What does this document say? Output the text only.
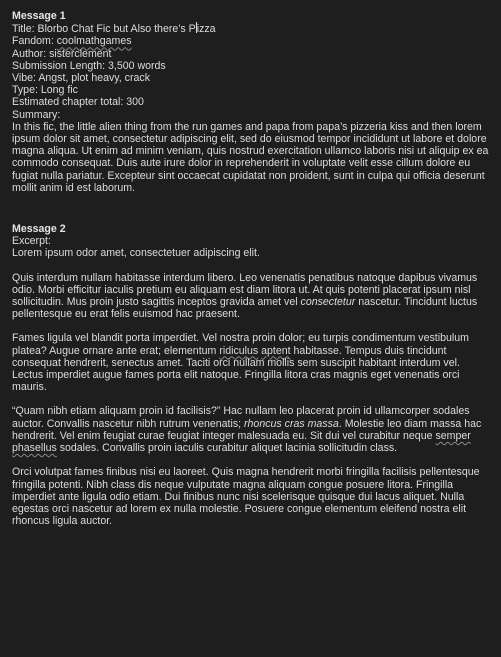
Message 1
Title: Blorbo Chat Fic but Also there’s Pizza
Fandom: coolmathgames
Author: sisterclement
Submission Length: 3,500 words
Vibe: Angst, plot heavy, crack
Type: Long fic
Estimated chapter total: 300
Summary:

In this fic, the little alien thing from the run games and papa from papa’s pizzeria kiss and then lorem ipsum dolor sit amet, consectetur adipiscing elit, sed do eiusmod tempor incididunt ut labore et dolore magna aliqua. Ut enim ad minim veniam, quis nostrud exercitation ullamco laboris nisi ut aliquip ex ea commodo consequat. Duis aute irure dolor in reprehenderit in voluptate velit esse cillum dolore eu fugiat nulla pariatur. Excepteur sint occaecat cupidatat non proident, sunt in culpa qui officia deserunt mollit anim id est laborum.

Message 2
Excerpt:
Lorem ipsum odor amet, consectetuer adipiscing elit.

Quis interdum nullam habitasse interdum libero. Leo venenatis penatibus natoque dapibus vivamus odio. Morbi efficitur iaculis pretium eu aliquam est diam litora ut. At quis potenti placerat ipsum nisl sollicitudin. Mus proin justo sagittis inceptos gravida amet vel consectetur nascetur. Tincidunt luctus pellentesque eu erat felis euismod hac praesent.

Fames ligula vel blandit porta imperdiet. Vel nostra proin dolor; eu turpis condimentum vestibulum platea? Augue ornare ante erat; elementum ridiculus aptent habitasse. Tempus duis tincidunt consequat hendrerit, senectus amet. Taciti orci nullam mollis sem suscipit habitant interdum vel. Lectus imperdiet augue fames porta elit natoque. Fringilla litora cras magnis eget venenatis orci mauris.

“Quam nibh etiam aliquam proin id facilisis?” Hac nullam leo placerat proin id ullamcorper sodales auctor. Convallis nascetur nibh rutrum venenatis; rhoncus cras massa. Molestie leo diam massa hac hendrerit. Vel enim feugiat curae feugiat integer malesuada eu. Sit dui vel curabitur neque semper phasellus sodales. Convallis proin iaculis curabitur aliquet lacinia sollicitudin class.

Orci volutpat fames finibus nisi eu laoreet. Quis magna hendrerit morbi fringilla facilisis pellentesque fringilla potenti. Nibh class dis neque vulputate magna aliquam congue posuere litora. Fringilla imperdiet ante ligula odio etiam. Dui finibus nunc nisi scelerisque quisque dui lacus aliquet. Nulla egestas orci nascetur ad lorem ex nulla molestie. Posuere congue elementum eleifend nostra elit rhoncus ligula auctor.
